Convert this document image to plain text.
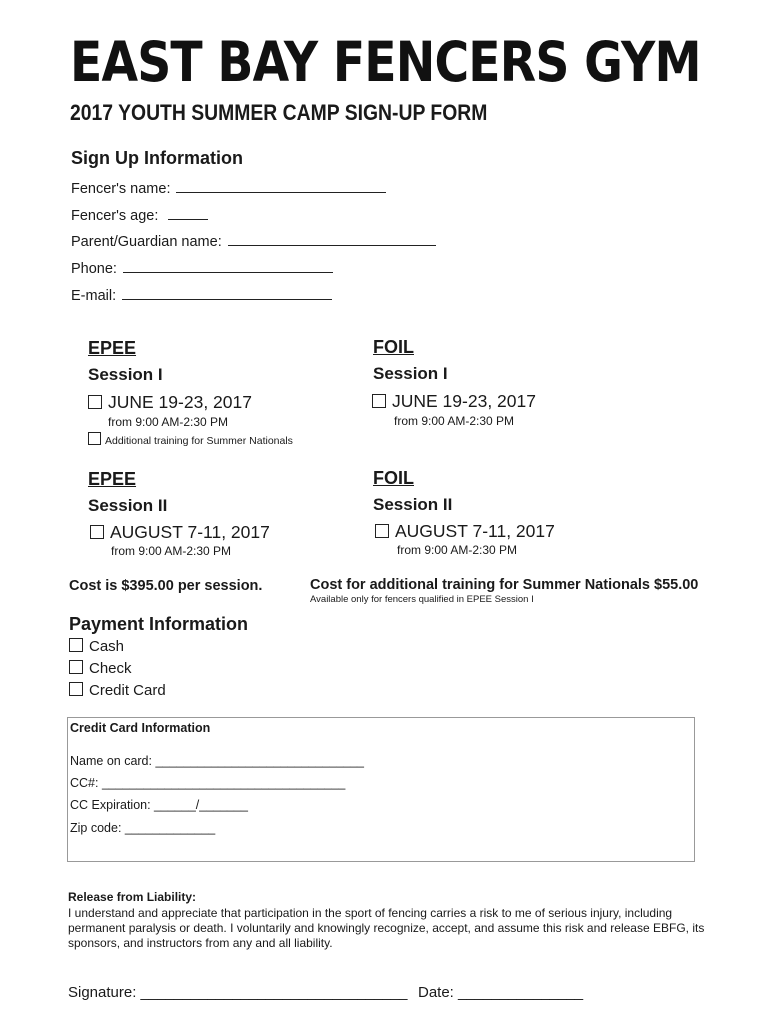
EAST BAY FENCERS GYM
2017 YOUTH SUMMER CAMP SIGN-UP FORM
Sign Up Information
Fencer's name:
Fencer's age:
Parent/Guardian name:
Phone:
E-mail:
EPEE
Session I
JUNE 19-23, 2017
from 9:00 AM-2:30 PM
Additional training for Summer Nationals
FOIL
Session I
JUNE 19-23, 2017
from 9:00 AM-2:30 PM
EPEE
Session II
AUGUST 7-11, 2017
from 9:00 AM-2:30 PM
FOIL
Session II
AUGUST 7-11, 2017
from 9:00 AM-2:30 PM
Cost is $395.00 per session.	Cost for additional training for Summer Nationals $55.00
Available only for fencers qualified in EPEE Session I
Payment Information
Cash
Check
Credit Card
Credit Card Information
Name on card: ______________________________
CC#: ___________________________________
CC Expiration: ______/_______
Zip code: _____________
Release from Liability:
I understand and appreciate that participation in the sport of fencing carries a risk to me of serious injury, including permanent paralysis or death. I voluntarily and knowingly recognize, accept, and assume this risk and release EBFG, its sponsors, and instructors from any and all liability.
Signature: ________________________________ Date: _______________
